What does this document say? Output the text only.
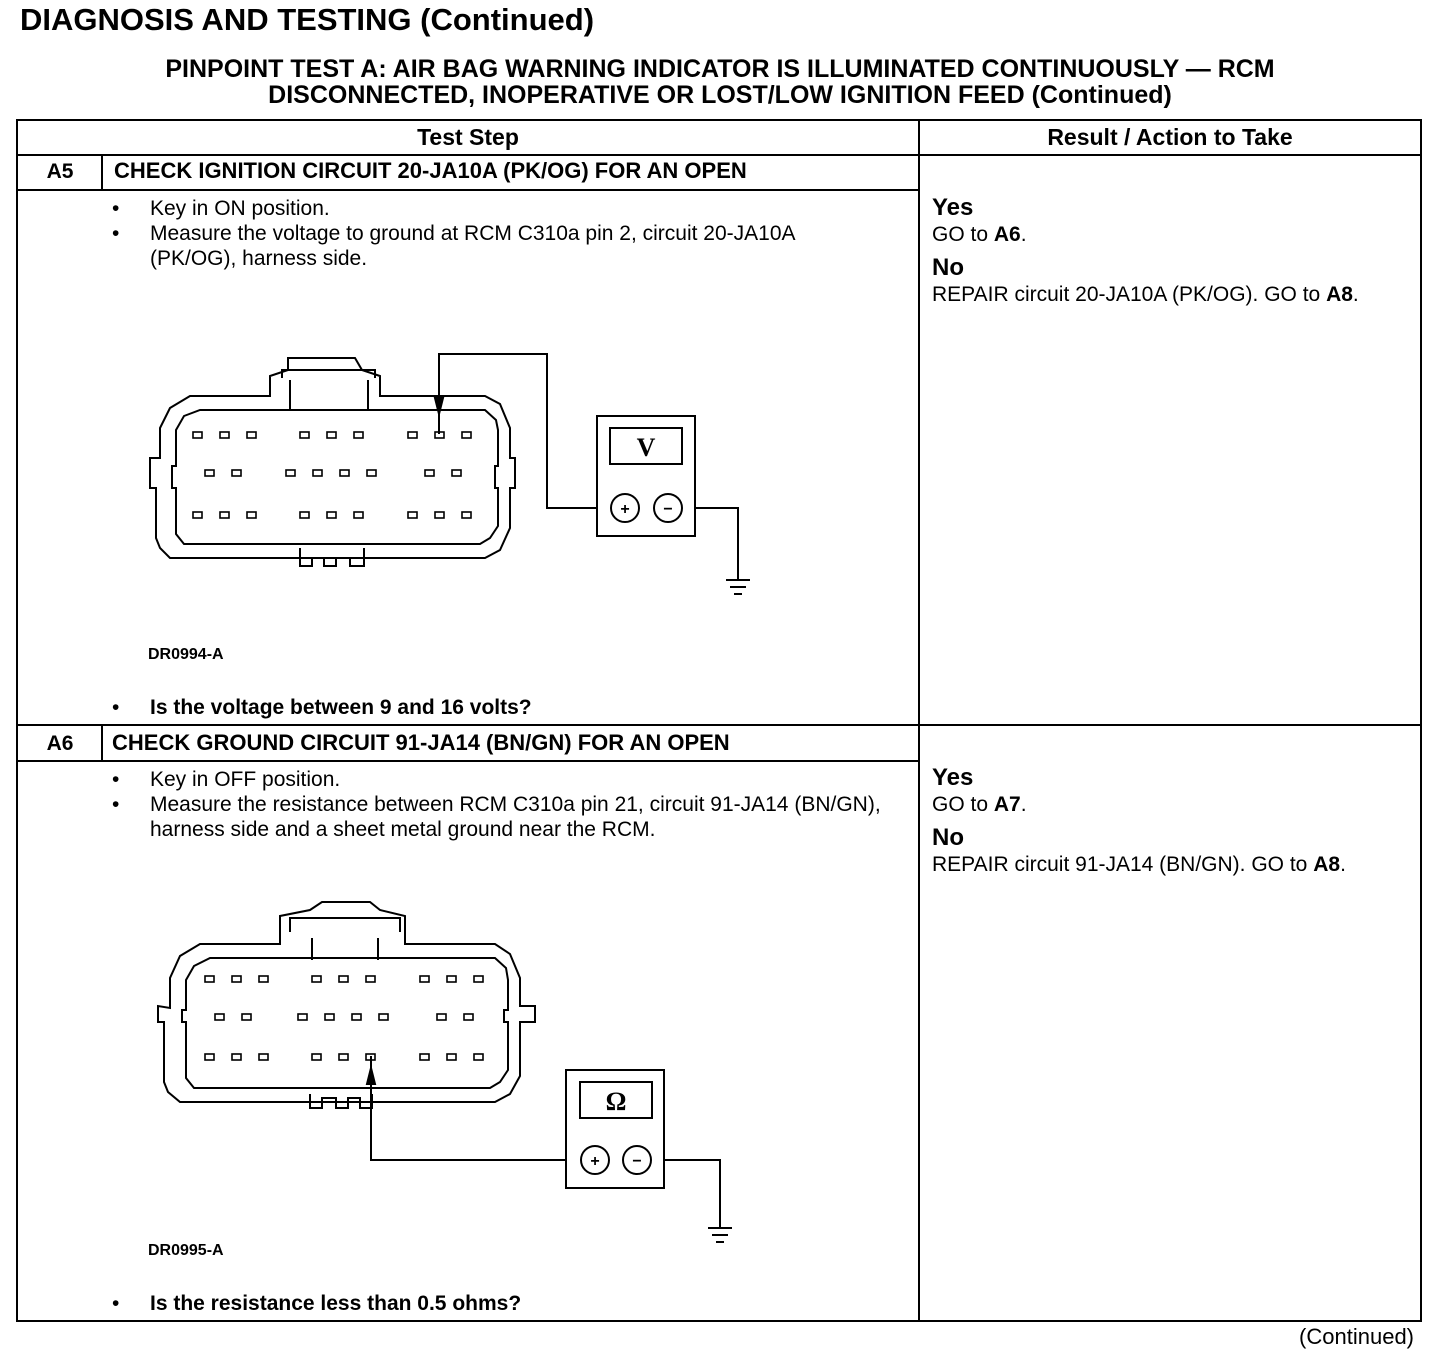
DIAGNOSIS AND TESTING (Continued)
PINPOINT TEST A: AIR BAG WARNING INDICATOR IS ILLUMINATED CONTINUOUSLY — RCM
DISCONNECTED, INOPERATIVE OR LOST/LOW IGNITION FEED (Continued)
Test Step	Result / Action to Take
A5	CHECK IGNITION CIRCUIT 20-JA10A (PK/OG) FOR AN OPEN
• Key in ON position.
• Measure the voltage to ground at RCM C310a pin 2, circuit 20-JA10A (PK/OG), harness side.
V
+ −
DR0994-A
• Is the voltage between 9 and 16 volts?

Yes
GO to A6.

No
REPAIR circuit 20-JA10A (PK/OG). GO to A8.

A6	CHECK GROUND CIRCUIT 91-JA14 (BN/GN) FOR AN OPEN
• Key in OFF position.
• Measure the resistance between RCM C310a pin 21, circuit 91-JA14 (BN/GN), harness side and a sheet metal ground near the RCM.
Ω
+ −
DR0995-A
• Is the resistance less than 0.5 ohms?

Yes
GO to A7.

No
REPAIR circuit 91-JA14 (BN/GN). GO to A8.

(Continued)
